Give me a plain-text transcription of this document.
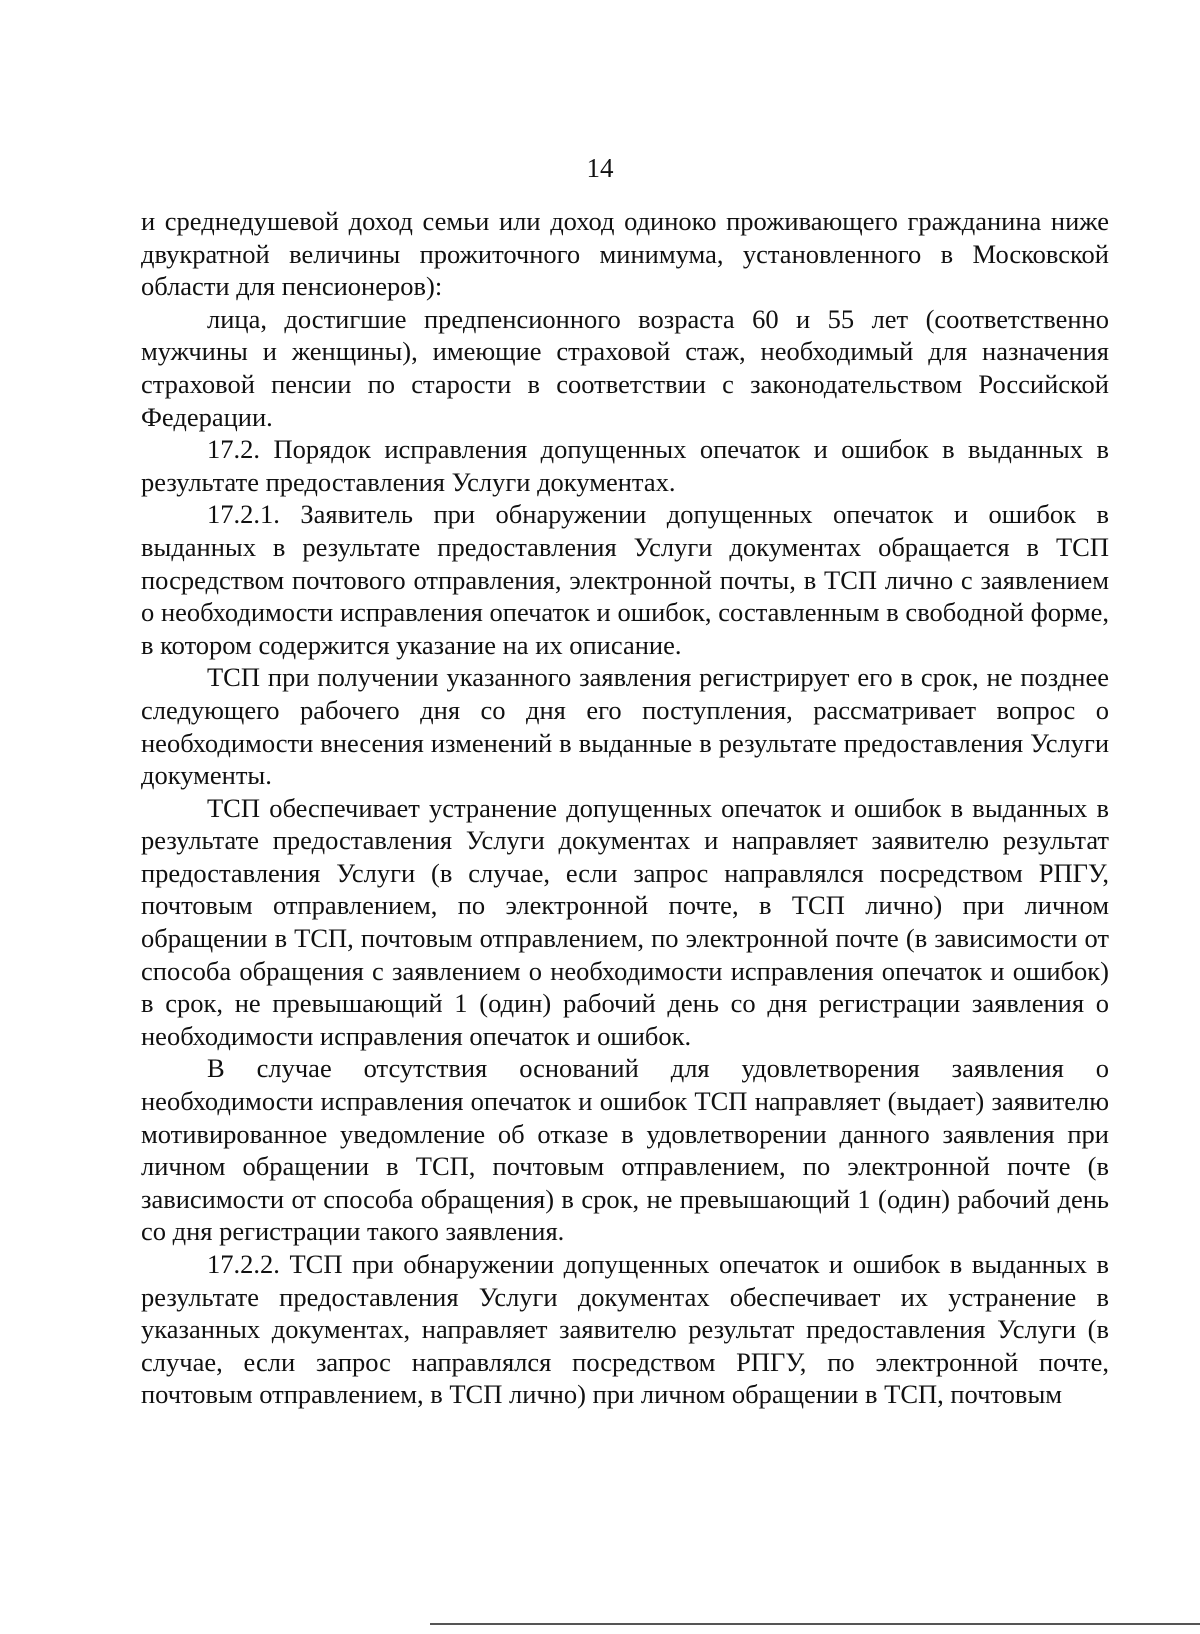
14

и среднедушевой доход семьи или доход одиноко проживающего гражданина ниже двукратной величины прожиточного минимума, установленного в Московской области для пенсионеров):

лица, достигшие предпенсионного возраста 60 и 55 лет (соответственно мужчины и женщины), имеющие страховой стаж, необходимый для назначения страховой пенсии по старости в соответствии с законодательством Российской Федерации.

17.2. Порядок исправления допущенных опечаток и ошибок в выданных в результате предоставления Услуги документах.

17.2.1. Заявитель при обнаружении допущенных опечаток и ошибок в выданных в результате предоставления Услуги документах обращается в ТСП посредством почтового отправления, электронной почты, в ТСП лично с заявлением о необходимости исправления опечаток и ошибок, составленным в свободной форме, в котором содержится указание на их описание.

ТСП при получении указанного заявления регистрирует его в срок, не позднее следующего рабочего дня со дня его поступления, рассматривает вопрос о необходимости внесения изменений в выданные в результате предоставления Услуги документы.

ТСП обеспечивает устранение допущенных опечаток и ошибок в выданных в результате предоставления Услуги документах и направляет заявителю результат предоставления Услуги (в случае, если запрос направлялся посредством РПГУ, почтовым отправлением, по электронной почте, в ТСП лично) при личном обращении в ТСП, почтовым отправлением, по электронной почте (в зависимости от способа обращения с заявлением о необходимости исправления опечаток и ошибок) в срок, не превышающий 1 (один) рабочий день со дня регистрации заявления о необходимости исправления опечаток и ошибок.

В случае отсутствия оснований для удовлетворения заявления о необходимости исправления опечаток и ошибок ТСП направляет (выдает) заявителю мотивированное уведомление об отказе в удовлетворении данного заявления при личном обращении в ТСП, почтовым отправлением, по электронной почте (в зависимости от способа обращения) в срок, не превышающий 1 (один) рабочий день со дня регистрации такого заявления.

17.2.2. ТСП при обнаружении допущенных опечаток и ошибок в выданных в результате предоставления Услуги документах обеспечивает их устранение в указанных документах, направляет заявителю результат предоставления Услуги (в случае, если запрос направлялся посредством РПГУ, по электронной почте, почтовым отправлением, в ТСП лично) при личном обращении в ТСП, почтовым
